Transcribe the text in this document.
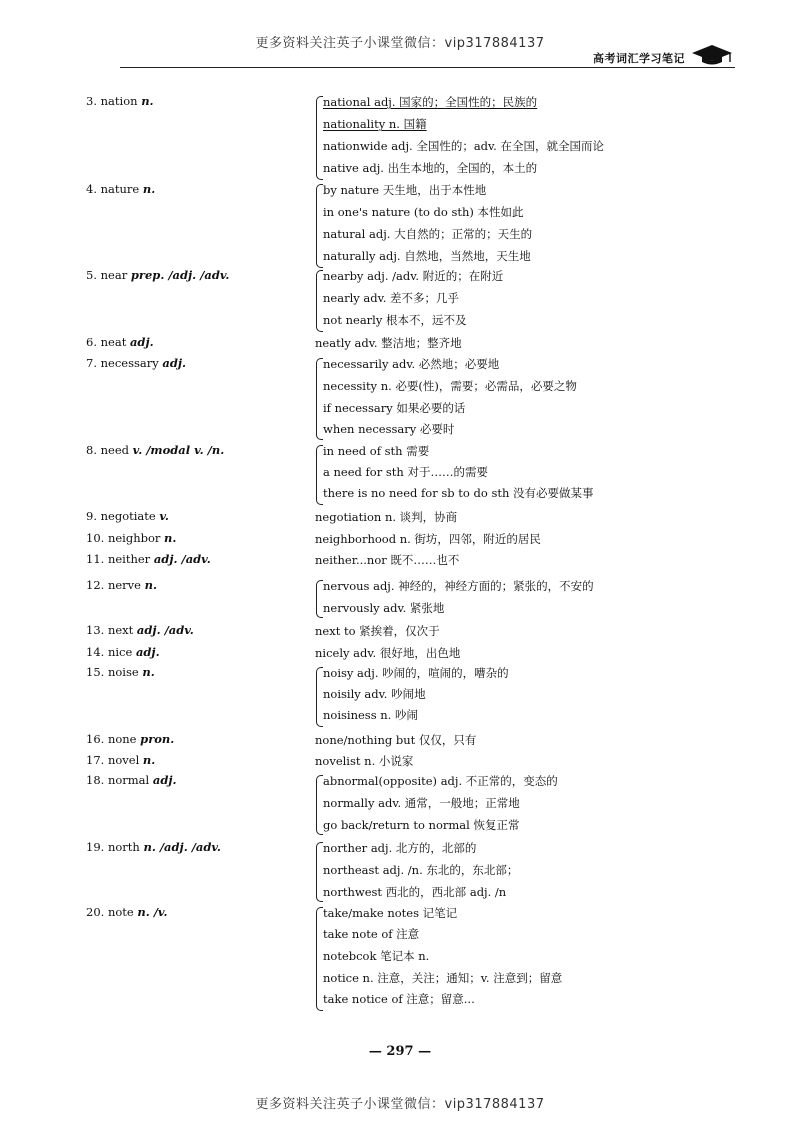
更多资料关注英子小课堂微信：vip317884137
高考词汇学习笔记
3. nation n.	national adj. 国家的；全国性的；民族的
nationality n. 国籍
nationwide adj. 全国性的；adv. 在全国，就全国而论
native adj. 出生本地的，全国的，本土的
4. nature n.	by nature 天生地，出于本性地
in one's nature (to do sth) 本性如此
natural adj. 大自然的；正常的；天生的
naturally adj. 自然地，当然地，天生地
5. near prep. /adj. /adv.	nearby adj. /adv. 附近的；在附近
nearly adv. 差不多；几乎
not nearly 根本不，远不及
6. neat adj.	neatly adv. 整洁地；整齐地
7. necessary adj.	necessarily adv. 必然地；必要地
necessity n. 必要(性)，需要；必需品，必要之物
if necessary 如果必要的话
when necessary 必要时
8. need v. /modal v. /n.	in need of sth 需要
a need for sth 对于……的需要
there is no need for sb to do sth 没有必要做某事
9. negotiate v.	negotiation n. 谈判，协商
10. neighbor n.	neighborhood n. 街坊，四邻，附近的居民
11. neither adj. /adv.	neither...nor 既不……也不
12. nerve n.	nervous adj. 神经的，神经方面的；紧张的，不安的
nervously adv. 紧张地
13. next adj. /adv.	next to 紧挨着，仅次于
14. nice adj.	nicely adv. 很好地，出色地
15. noise n.	noisy adj. 吵闹的，喧闹的，嘈杂的
noisily adv. 吵闹地
noisiness n. 吵闹
16. none pron.	none/nothing but 仅仅，只有
17. novel n.	novelist n. 小说家
18. normal adj.	abnormal(opposite) adj. 不正常的，变态的
normally adv. 通常，一般地；正常地
go back/return to normal 恢复正常
19. north n. /adj. /adv.	norther adj. 北方的，北部的
northeast adj. /n. 东北的，东北部；
northwest 西北的，西北部 adj. /n
20. note n. /v.	take/make notes 记笔记
take note of 注意
notebcok 笔记本 n.
notice n. 注意，关注；通知；v. 注意到；留意
take notice of 注意；留意...
— 297 —
更多资料关注英子小课堂微信：vip317884137
